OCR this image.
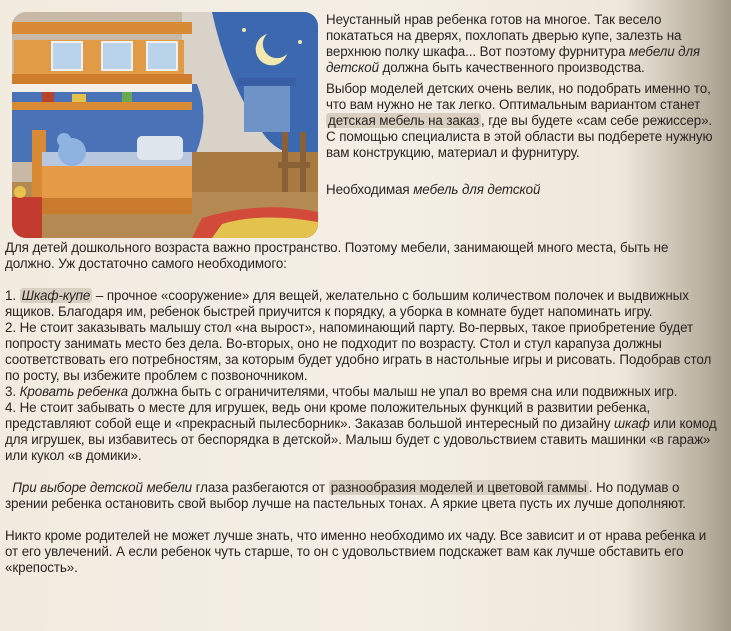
Неустанный нрав ребенка готов на многое. Так весело покататься на дверях, похлопать дверью купе, залезть на верхнюю полку шкафа... Вот поэтому фурнитура мебели для детской должна быть качественного производства.

Выбор моделей детских очень велик, но подобрать именно то, что вам нужно не так легко. Оптимальным вариантом станет детская мебель на заказ , где вы будете «сам себе режиссер». С помощью специалиста в этой области вы подберете нужную вам конструкцию, материал и фурнитуру.

Необходимая мебель для детской

Для детей дошкольного возраста важно пространство. Поэтому мебели, занимающей много места, быть не должно. Уж достаточно самого необходимого:

1. Шкаф-купе – прочное «сооружение» для вещей, желательно с большим количеством полочек и выдвижных ящиков. Благодаря им, ребенок быстрей приучится к порядку, а уборка в комнате будет напоминать игру.

2. Не стоит заказывать малышу стол «на вырост», напоминающий парту. Во-первых, такое приобретение будет попросту занимать место без дела. Во-вторых, оно не подходит по возрасту. Стол и стул карапуза должны соответствовать его потребностям, за которым будет удобно играть в настольные игры и рисовать. Подобрав стол по росту, вы избежите проблем с позвоночником.

3. Кровать ребенка должна быть с ограничителями, чтобы малыш не упал во время сна или подвижных игр.

4. Не стоит забывать о месте для игрушек, ведь они кроме положительных функций в развитии ребенка, представляют собой еще и «прекрасный пылесборник». Заказав большой интересный по дизайну шкаф или комод для игрушек, вы избавитесь от беспорядка в детской». Малыш будет с удовольствием ставить машинки «в гараж» или кукол «в домики».

При выборе детской мебели глаза разбегаются от разнообразия моделей и цветовой гаммы . Но подумав о зрении ребенка остановить свой выбор лучше на пастельных тонах. А яркие цвета пусть их лучше дополняют.

Никто кроме родителей не может лучше знать, что именно необходимо их чаду. Все зависит и от нрава ребенка и от его увлечений. А если ребенок чуть старше, то он с удовольствием подскажет вам как лучше обставить его «крепость».
